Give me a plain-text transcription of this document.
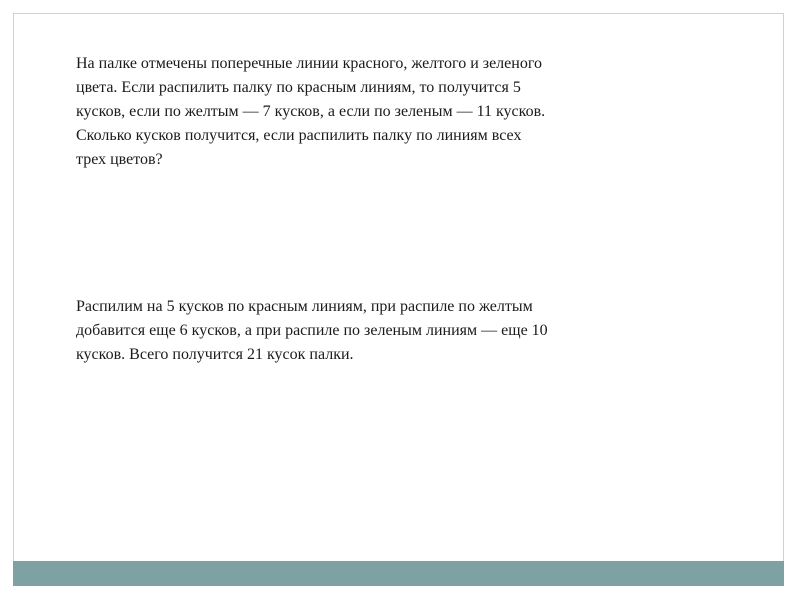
На палке отмечены поперечные линии красного, желтого и зеленого
цвета. Если распилить палку по красным линиям, то получится 5
кусков, если по желтым — 7 кусков, а если по зеленым — 11 кусков.
Сколько кусков получится, если распилить палку по линиям всех
трех цветов?

Распилим на 5 кусков по красным линиям, при распиле по желтым
добавится еще 6 кусков, а при распиле по зеленым линиям — еще 10
кусков. Всего получится 21 кусок палки.
